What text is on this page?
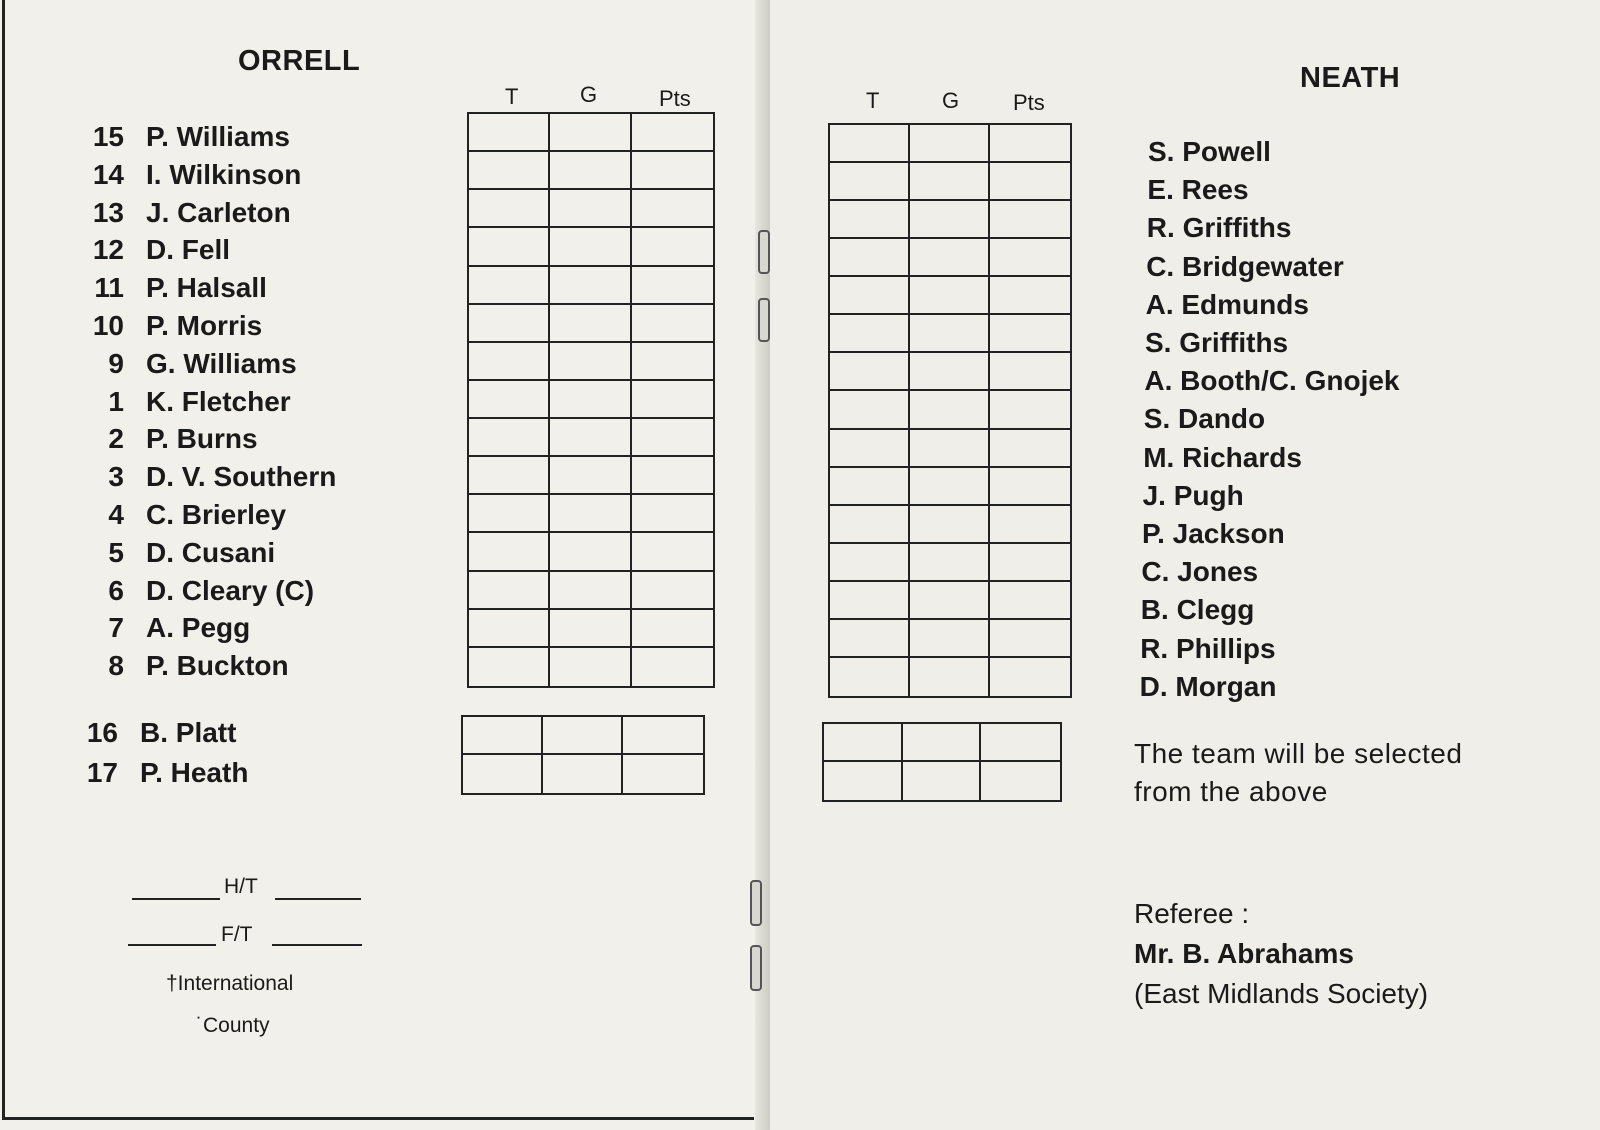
ORRELL
T	G	Pts
15 P. Williams
14 I. Wilkinson
13 J. Carleton
12 D. Fell
11 P. Halsall
10 P. Morris
9 G. Williams
1 K. Fletcher
2 P. Burns
3 D. V. Southern
4 C. Brierley
5 D. Cusani
6 D. Cleary (C)
7 A. Pegg
8 P. Buckton
16 B. Platt
17 P. Heath
H/T
F/T
†International
˙County
NEATH
T	G Pts
S. Powell
E. Rees
R. Griffiths
C. Bridgewater
A. Edmunds
S. Griffiths
A. Booth/C. Gnojek
S. Dando
M. Richards
J. Pugh
P. Jackson
C. Jones
B. Clegg
R. Phillips
D. Morgan
The team will be selected
from the above
Referee :
Mr. B. Abrahams
(East Midlands Society)
